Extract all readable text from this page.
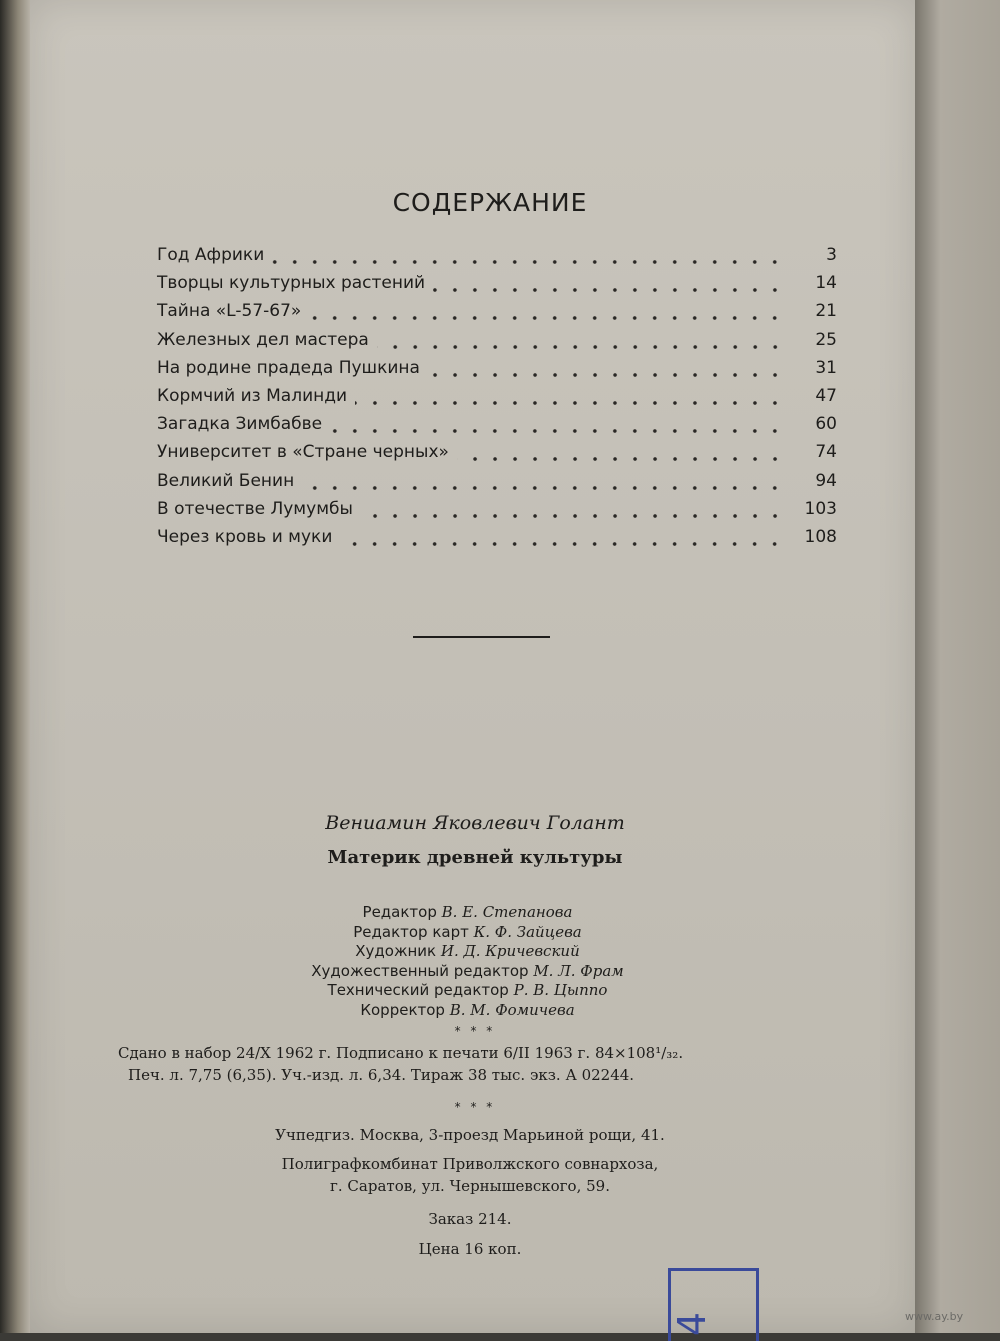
СОДЕРЖАНИЕ
Год Африки	3
Творцы культурных растений	14
Тайна «L-57-67»	21
Железных дел мастера	25
На родине прадеда Пушкина	31
Кормчий из Малинди	47
Загадка Зимбабве	60
Университет в «Стране черных»	74
Великий Бенин	94
В отечестве Лумумбы	103
Через кровь и муки	108
Вениамин Яковлевич Голант
Материк древней культуры
Редактор В. Е. Степанова
Редактор карт К. Ф. Зайцева
Художник И. Д. Кричевский
Художественный редактор М. Л. Фрам
Технический редактор Р. В. Цыппо
Корректор В. М. Фомичева
* * *
Сдано в набор 24/X 1962 г. Подписано к печати 6/II 1963 г. 84×108¹/₃₂.
Печ. л. 7,75 (6,35). Уч.-изд. л. 6,34. Тираж 38 тыс. экз. А 02244.
* * *
Учпедгиз. Москва, 3-проезд Марьиной рощи, 41.
Полиграфкомбинат Приволжского совнархоза,
г. Саратов, ул. Чернышевского, 59.
Заказ 214.
Цена 16 коп.
4	www.ay.by
